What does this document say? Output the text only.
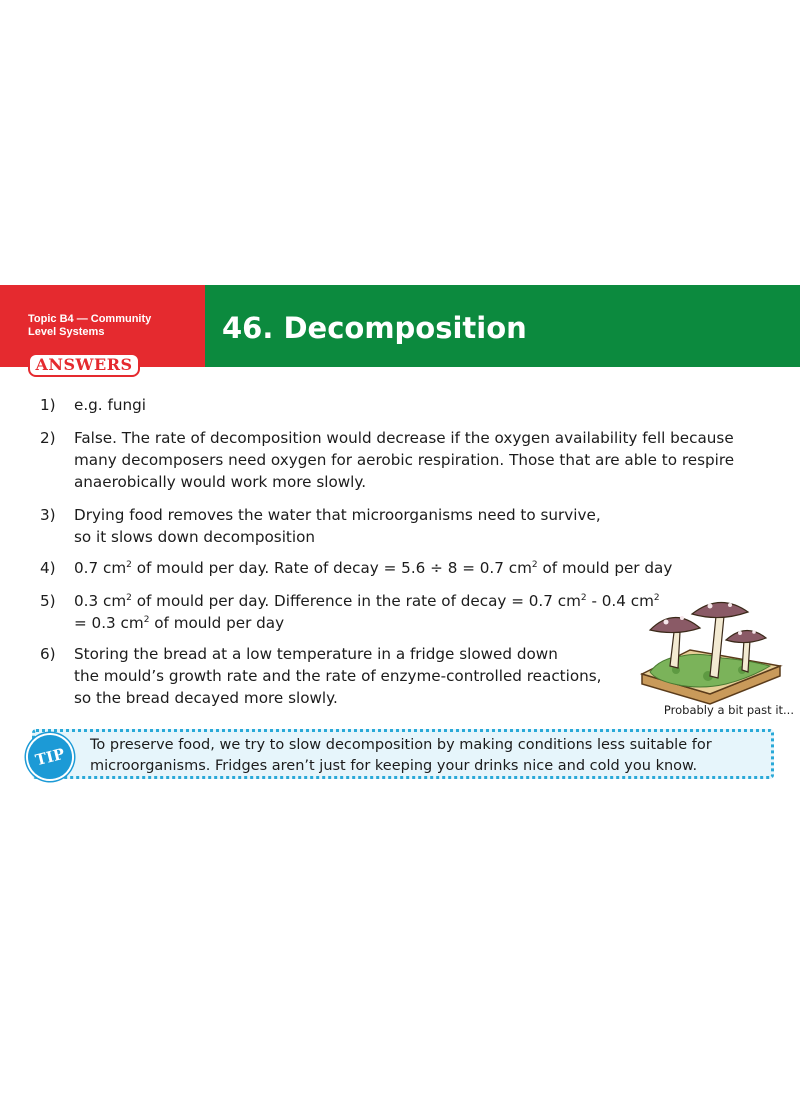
Topic B4 — Community
Level Systems	46. Decomposition
ANSWERS
1)	e.g. fungi
2)	False. The rate of decomposition would decrease if the oxygen availability fell because
many decomposers need oxygen for aerobic respiration. Those that are able to respire
anaerobically would work more slowly.
3)	Drying food removes the water that microorganisms need to survive,
so it slows down decomposition
4)	0.7 $cm^2$ of mould per day. Rate of decay = 5.6 ÷ 8 = 0.7 $cm^2$ of mould per day
5)	0.3 $cm^2$ of mould per day. Difference in the rate of decay = 0.7 $cm^2 - 0.4$ $cm^2$
= 0.3 $cm^2$ of mould per day
6)	Storing the bread at a low temperature in a fridge slowed down
the mould’s growth rate and the rate of enzyme-controlled reactions,
so the bread decayed more slowly.
Probably a bit past it...
TIP	To preserve food, we try to slow decomposition by making conditions less suitable for
microorganisms. Fridges aren’t just for keeping your drinks nice and cold you know.
